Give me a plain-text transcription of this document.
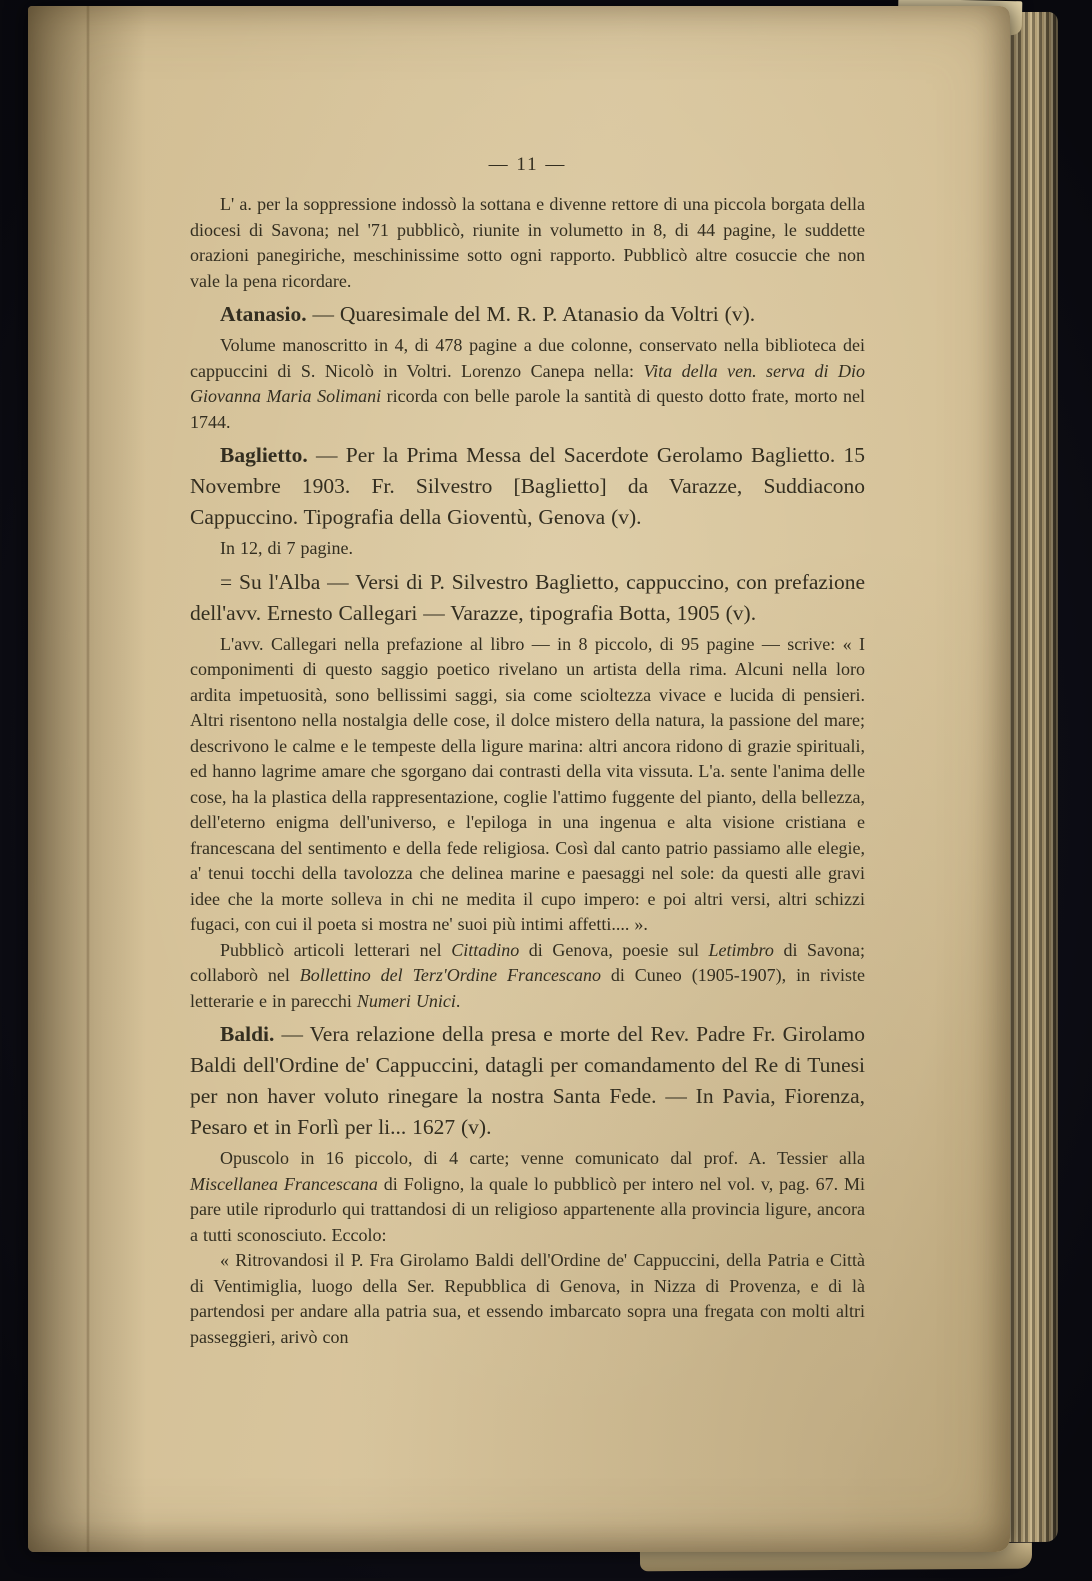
— 11 —

L' a. per la soppressione indossò la sottana e divenne rettore di una piccola borgata della diocesi di Savona; nel '71 pubblicò, riunite in volumetto in 8, di 44 pagine, le suddette orazioni panegiriche, meschinissime sotto ogni rapporto. Pubblicò altre cosuccie che non vale la pena ricordare.

Atanasio. — Quaresimale del M. R. P. Atanasio da Voltri (v).

Volume manoscritto in 4, di 478 pagine a due colonne, conservato nella biblioteca dei cappuccini di S. Nicolò in Voltri. Lorenzo Canepa nella: Vita della ven. serva di Dio Giovanna Maria Solimani ricorda con belle parole la santità di questo dotto frate, morto nel 1744.

Baglietto. — Per la Prima Messa del Sacerdote Gerolamo Baglietto. 15 Novembre 1903. Fr. Silvestro [Baglietto] da Varazze, Suddiacono Cappuccino. Tipografia della Gioventù, Genova (v).

In 12, di 7 pagine.

= Su l'Alba — Versi di P. Silvestro Baglietto, cappuccino, con prefazione dell'avv. Ernesto Callegari — Varazze, tipografia Botta, 1905 (v).

L'avv. Callegari nella prefazione al libro — in 8 piccolo, di 95 pagine — scrive: « I componimenti di questo saggio poetico rivelano un artista della rima. Alcuni nella loro ardita impetuosità, sono bellissimi saggi, sia come scioltezza vivace e lucida di pensieri. Altri risentono nella nostalgia delle cose, il dolce mistero della natura, la passione del mare; descrivono le calme e le tempeste della ligure marina: altri ancora ridono di grazie spirituali, ed hanno lagrime amare che sgorgano dai contrasti della vita vissuta. L'a. sente l'anima delle cose, ha la plastica della rappresentazione, coglie l'attimo fuggente del pianto, della bellezza, dell'eterno enigma dell'universo, e l'epiloga in una ingenua e alta visione cristiana e francescana del sentimento e della fede religiosa. Così dal canto patrio passiamo alle elegie, a' tenui tocchi della tavolozza che delinea marine e paesaggi nel sole: da questi alle gravi idee che la morte solleva in chi ne medita il cupo impero: e poi altri versi, altri schizzi fugaci, con cui il poeta si mostra ne' suoi più intimi affetti.... ».

Pubblicò articoli letterari nel Cittadino di Genova, poesie sul Letimbro di Savona; collaborò nel Bollettino del Terz'Ordine Francescano di Cuneo (1905-1907), in riviste letterarie e in parecchi Numeri Unici.

Baldi. — Vera relazione della presa e morte del Rev. Padre Fr. Girolamo Baldi dell'Ordine de' Cappuccini, datagli per comandamento del Re di Tunesi per non haver voluto rinegare la nostra Santa Fede. — In Pavia, Fiorenza, Pesaro et in Forlì per li... 1627 (v).

Opuscolo in 16 piccolo, di 4 carte; venne comunicato dal prof. A. Tessier alla Miscellanea Francescana di Foligno, la quale lo pubblicò per intero nel vol. v, pag. 67. Mi pare utile riprodurlo qui trattandosi di un religioso appartenente alla provincia ligure, ancora a tutti sconosciuto. Eccolo:

« Ritrovandosi il P. Fra Girolamo Baldi dell'Ordine de' Cappuccini, della Patria e Città di Ventimiglia, luogo della Ser. Repubblica di Genova, in Nizza di Provenza, e di là partendosi per andare alla patria sua, et essendo imbarcato sopra una fregata con molti altri passeggieri, arivò con
